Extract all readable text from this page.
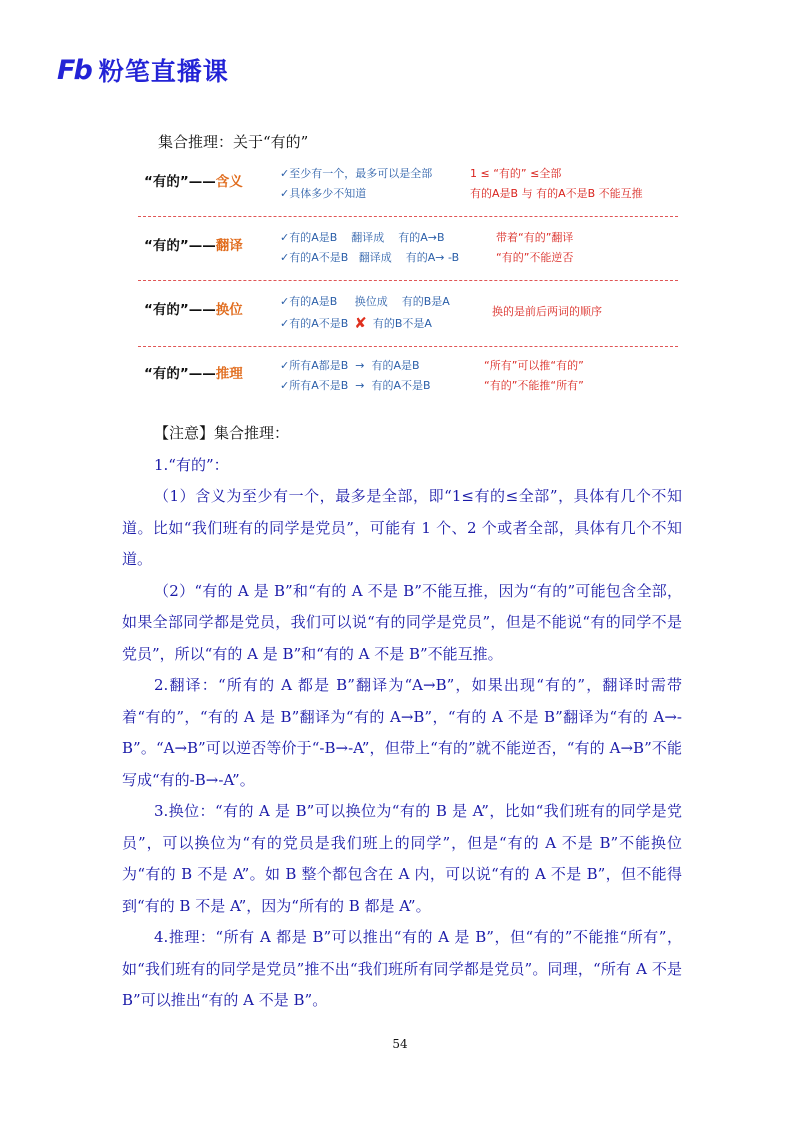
Fb 粉笔直播课
集合推理：关于“有的”
“有的”——含义
✓至少有一个，最多可以是全部
✓具体多少不知道
1 ≤ “有的” ≤全部
有的A是B 与 有的A不是B 不能互推
“有的”——翻译
✓有的A是B    翻译成    有的A→B
✓有的A不是B   翻译成    有的A→ -B
带着“有的”翻译
“有的”不能逆否
“有的”——换位
✓有的A是B     换位成    有的B是A
✓有的A不是B ✘ 有的B不是A
换的是前后两词的顺序
“有的”——推理
✓所有A都是B  →  有的A是B
✓所有A不是B  →  有的A不是B
“所有”可以推“有的”
“有的”不能推“所有”

【注意】集合推理：

1.“有的”：

（1）含义为至少有一个，最多是全部，即“1≤有的≤全部”，具体有几个不知道。比如“我们班有的同学是党员”，可能有 1 个、2 个或者全部，具体有几个不知道。

（2）“有的 A 是 B”和“有的 A 不是 B”不能互推，因为“有的”可能包含全部，如果全部同学都是党员，我们可以说“有的同学是党员”，但是不能说“有的同学不是党员”，所以“有的 A 是 B”和“有的 A 不是 B”不能互推。

2.翻译：“所有的 A 都是 B”翻译为“A→B”，如果出现“有的”，翻译时需带着“有的”，“有的 A 是 B”翻译为“有的 A→B”，“有的 A 不是 B”翻译为“有的 A→-B”。“A→B”可以逆否等价于“-B→-A”，但带上“有的”就不能逆否，“有的 A→B”不能写成“有的-B→-A”。

3.换位：“有的 A 是 B”可以换位为“有的 B 是 A”，比如“我们班有的同学是党员”，可以换位为“有的党员是我们班上的同学”，但是“有的 A 不是 B”不能换位为“有的 B 不是 A”。如 B 整个都包含在 A 内，可以说“有的 A 不是 B”，但不能得到“有的 B 不是 A”，因为“所有的 B 都是 A”。

4.推理：“所有 A 都是 B”可以推出“有的 A 是 B”，但“有的”不能推“所有”，如“我们班有的同学是党员”推不出“我们班所有同学都是党员”。同理，“所有 A 不是 B”可以推出“有的 A 不是 B”。

54
